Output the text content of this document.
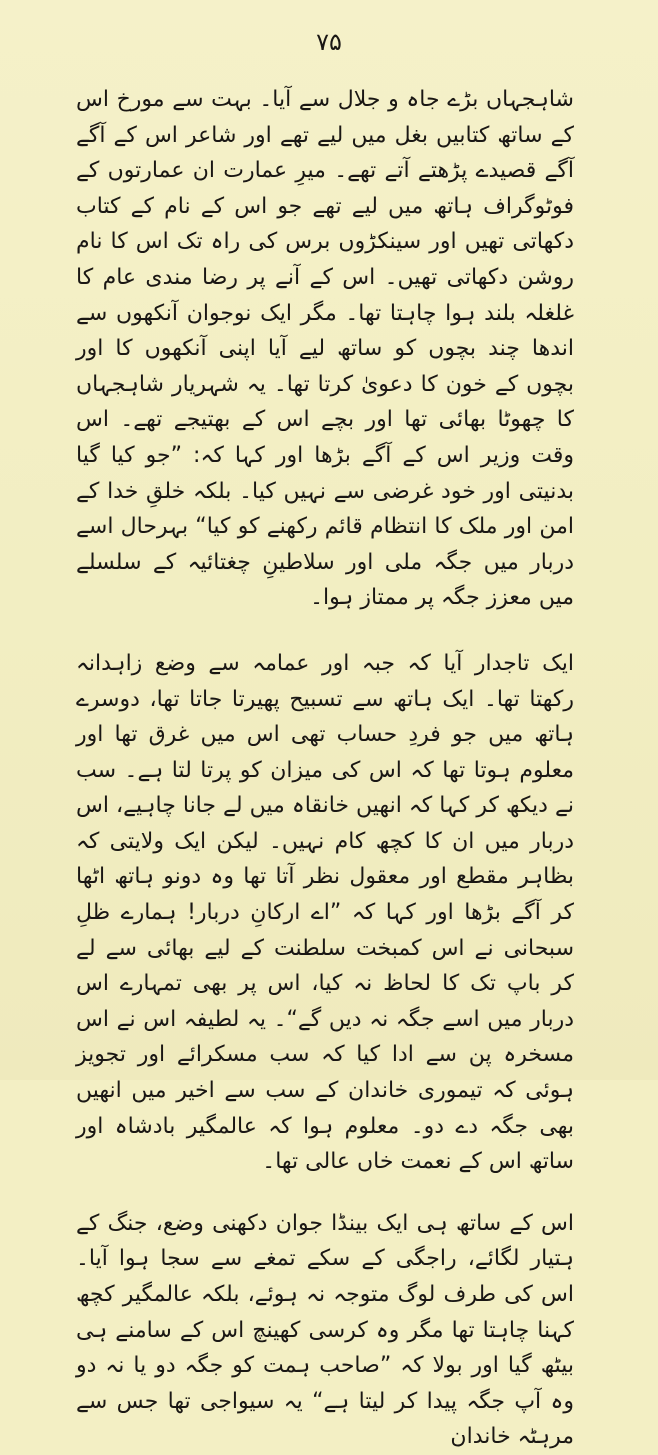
۷۵

شاہجہاں بڑے جاہ و جلال سے آیا۔ بہت سے مورخ اس کے ساتھ کتابیں بغل میں لیے تھے اور شاعر اس کے آگے آگے قصیدے پڑھتے آتے تھے۔ میرِ عمارت ان عمارتوں کے فوٹوگراف ہاتھ میں لیے تھے جو اس کے نام کے کتاب دکھاتی تھیں اور سینکڑوں برس کی راہ تک اس کا نام روشن دکھاتی تھیں۔ اس کے آنے پر رضا مندی عام کا غلغلہ بلند ہوا چاہتا تھا۔ مگر ایک نوجوان آنکھوں سے اندھا چند بچوں کو ساتھ لیے آیا اپنی آنکھوں کا اور بچوں کے خون کا دعویٰ کرتا تھا۔ یہ شہریار شاہجہاں کا چھوٹا بھائی تھا اور بچے اس کے بھتیجے تھے۔ اس وقت وزیر اس کے آگے بڑھا اور کہا کہ: ”جو کیا گیا بدنیتی اور خود غرضی سے نہیں کیا۔ بلکہ خلقِ خدا کے امن اور ملک کا انتظام قائم رکھنے کو کیا“ بہرحال اسے دربار میں جگہ ملی اور سلاطینِ چغتائیہ کے سلسلے میں معزز جگہ پر ممتاز ہوا۔

ایک تاجدار آیا کہ جبہ اور عمامہ سے وضع زاہدانہ رکھتا تھا۔ ایک ہاتھ سے تسبیح پھیرتا جاتا تھا، دوسرے ہاتھ میں جو فردِ حساب تھی اس میں غرق تھا اور معلوم ہوتا تھا کہ اس کی میزان کو پرتا لتا ہے۔ سب نے دیکھ کر کہا کہ انھیں خانقاہ میں لے جانا چاہیے، اس دربار میں ان کا کچھ کام نہیں۔ لیکن ایک ولایتی کہ بظاہر مقطع اور معقول نظر آتا تھا وہ دونو ہاتھ اٹھا کر آگے بڑھا اور کہا کہ ”اے ارکانِ دربار! ہمارے ظلِ سبحانی نے اس کمبخت سلطنت کے لیے بھائی سے لے کر باپ تک کا لحاظ نہ کیا، اس پر بھی تمہارے اس دربار میں اسے جگہ نہ دیں گے“۔ یہ لطیفہ اس نے اس مسخرہ پن سے ادا کیا کہ سب مسکرائے اور تجویز ہوئی کہ تیموری خاندان کے سب سے اخیر میں انھیں بھی جگہ دے دو۔ معلوم ہوا کہ عالمگیر بادشاہ اور ساتھ اس کے نعمت خاں عالی تھا۔

اس کے ساتھ ہی ایک بینڈا جوان دکھنی وضع، جنگ کے ہتیار لگائے، راجگی کے سکے تمغے سے سجا ہوا آیا۔ اس کی طرف لوگ متوجہ نہ ہوئے، بلکہ عالمگیر کچھ کہنا چاہتا تھا مگر وہ کرسی کھینچ اس کے سامنے ہی بیٹھ گیا اور بولا کہ ”صاحب ہمت کو جگہ دو یا نہ دو وہ آپ جگہ پیدا کر لیتا ہے“ یہ سیواجی تھا جس سے مرہٹہ خاندان
